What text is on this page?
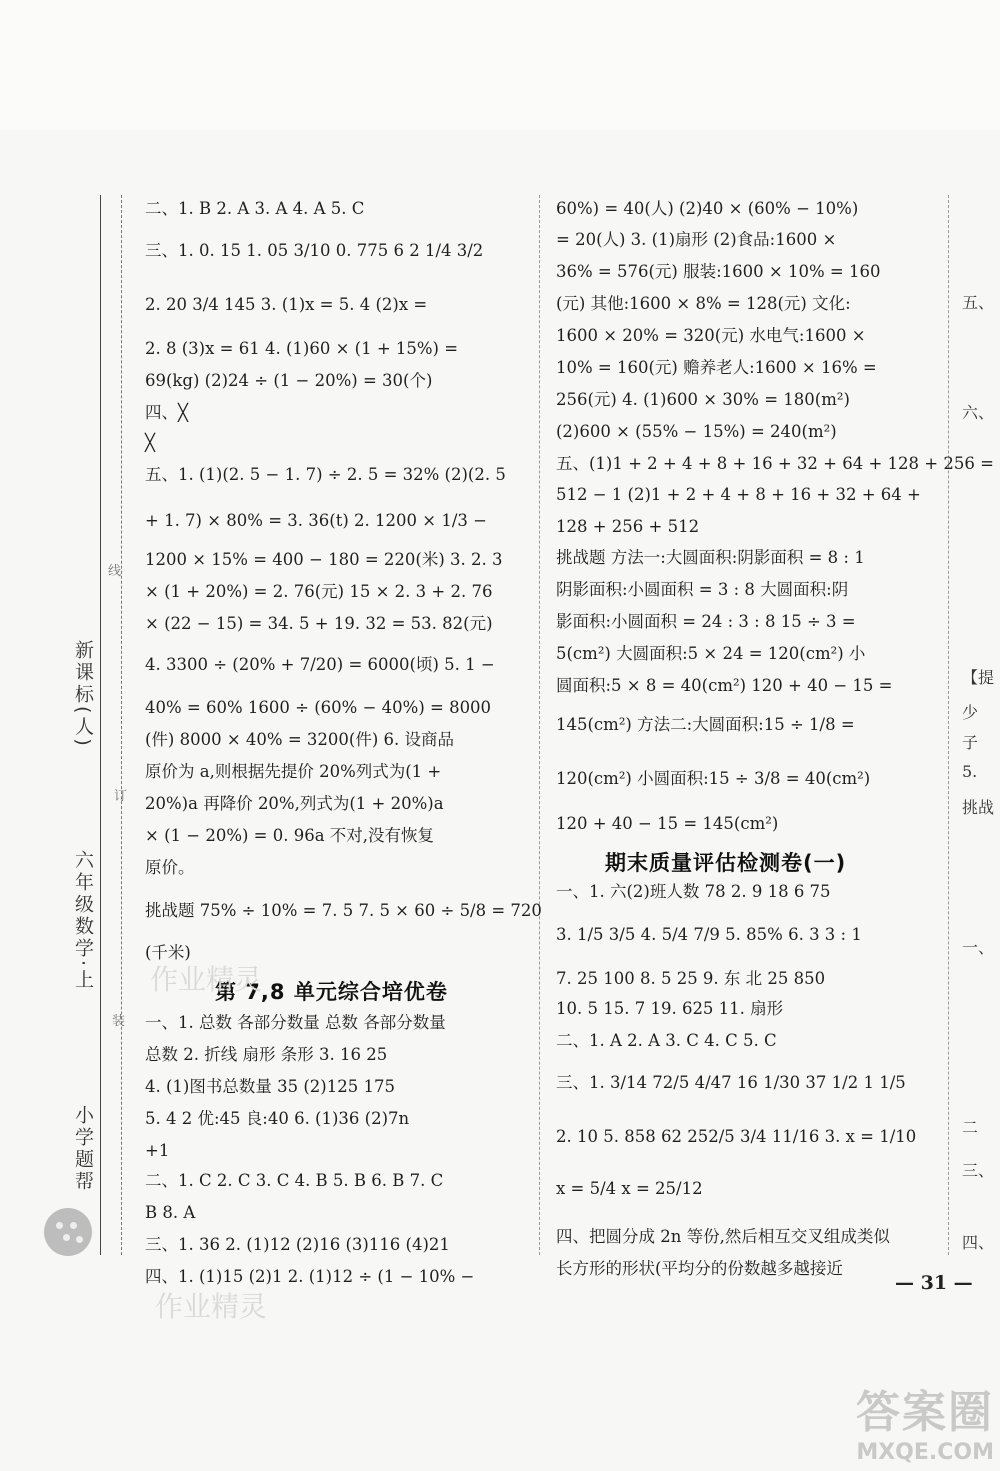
六年级数学·上
新课标(人)
小学题帮
线
订
装
二、1. B 2. A 3. A 4. A 5. C
三、1. 0. 15 1. 05 3/10 0. 775 6 2 1/4 3/2
2. 20 3/4 145 3. (1)x = 5. 4 (2)x =
2. 8 (3)x = 61 4. (1)60 × (1 + 15%) =
69(kg) (2)24 ÷ (1 − 20%) = 30(个)
四、╳
╳
五、1. (1)(2. 5 − 1. 7) ÷ 2. 5 = 32% (2)(2. 5
+ 1. 7) × 80% = 3. 36(t) 2. 1200 × 1/3 −
1200 × 15% = 400 − 180 = 220(米) 3. 2. 3
× (1 + 20%) = 2. 76(元) 15 × 2. 3 + 2. 76
× (22 − 15) = 34. 5 + 19. 32 = 53. 82(元)
4. 3300 ÷ (20% + 7/20) = 6000(顷) 5. 1 −
40% = 60% 1600 ÷ (60% − 40%) = 8000
(件) 8000 × 40% = 3200(件) 6. 设商品
原价为 a,则根据先提价 20%列式为(1 +
20%)a 再降价 20%,列式为(1 + 20%)a
× (1 − 20%) = 0. 96a 不对,没有恢复
原价。
挑战题 75% ÷ 10% = 7. 5 7. 5 × 60 ÷ 5/8 = 720
(千米)
第 7,8 单元综合培优卷
一、1. 总数 各部分数量 总数 各部分数量
总数 2. 折线 扇形 条形 3. 16 25
4. (1)图书总数量 35 (2)125 175
5. 4 2 优:45 良:40 6. (1)36 (2)7n
+1
二、1. C 2. C 3. C 4. B 5. B 6. B 7. C
B 8. A
三、1. 36 2. (1)12 (2)16 (3)116 (4)21
四、1. (1)15 (2)1 2. (1)12 ÷ (1 − 10% −
60%) = 40(人) (2)40 × (60% − 10%)
= 20(人) 3. (1)扇形 (2)食品:1600 ×
36% = 576(元) 服装:1600 × 10% = 160
(元) 其他:1600 × 8% = 128(元) 文化:
1600 × 20% = 320(元) 水电气:1600 ×
10% = 160(元) 赡养老人:1600 × 16% =
256(元) 4. (1)600 × 30% = 180(m²)
(2)600 × (55% − 15%) = 240(m²)
五、(1)1 + 2 + 4 + 8 + 16 + 32 + 64 + 128 + 256 =
512 − 1 (2)1 + 2 + 4 + 8 + 16 + 32 + 64 +
128 + 256 + 512
挑战题 方法一:大圆面积:阴影面积 = 8 : 1
阴影面积:小圆面积 = 3 : 8 大圆面积:阴
影面积:小圆面积 = 24 : 3 : 8 15 ÷ 3 =
5(cm²) 大圆面积:5 × 24 = 120(cm²) 小
圆面积:5 × 8 = 40(cm²) 120 + 40 − 15 =
145(cm²) 方法二:大圆面积:15 ÷ 1/8 =
120(cm²) 小圆面积:15 ÷ 3/8 = 40(cm²)
120 + 40 − 15 = 145(cm²)
期末质量评估检测卷(一)
一、1. 六(2)班人数 78 2. 9 18 6 75
3. 1/5 3/5 4. 5/4 7/9 5. 85% 6. 3 3 : 1
7. 25 100 8. 5 25 9. 东 北 25 850
10. 5 15. 7 19. 625 11. 扇形
二、1. A 2. A 3. C 4. C 5. C
三、1. 3/14 72/5 4/47 16 1/30 37 1/2 1 1/5
2. 10 5. 858 62 252/5 3/4 11/16 3. x = 1/10
x = 5/4 x = 25/12
四、把圆分成 2n 等份,然后相互交叉组成类似
长方形的形状(平均分的份数越多越接近
五、
六、
【提
少
子
5.
挑战
一、
二
三、
四、
— 31 —
作业精灵
作业精灵
答案圈
MXQE.COM
